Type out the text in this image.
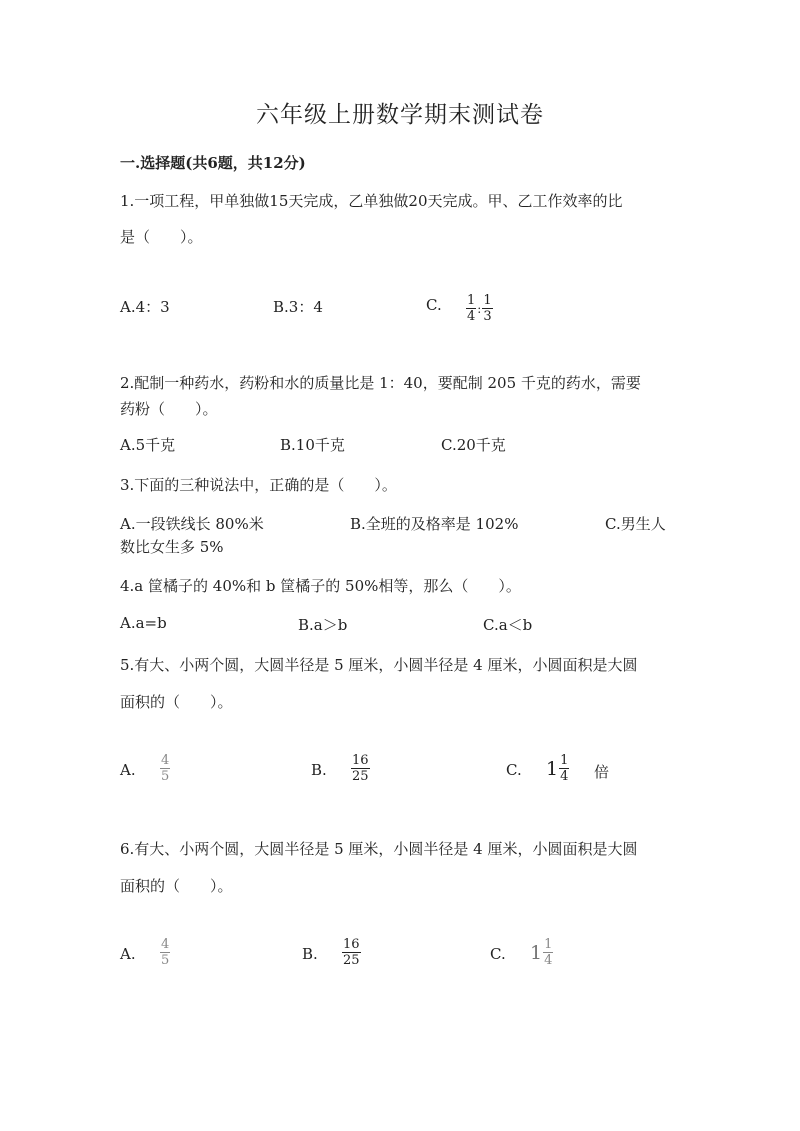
六年级上册数学期末测试卷
一.选择题(共6题，共12分)
1.一项工程，甲单独做15天完成，乙单独做20天完成。甲、乙工作效率的比
是（　　）。
A.4：3	B.3：4	C. $\frac{1}{4}$ : $\frac{1}{3}$
2.配制一种药水，药粉和水的质量比是 1：40，要配制 205 千克的药水，需要
药粉（　　）。
A.5千克	B.10千克	C.20千克
3.下面的三种说法中，正确的是（　　）。
A.一段铁线长 80%米	B.全班的及格率是 102%	C.男生人
数比女生多 5%
4.a 筐橘子的 40%和 b 筐橘子的 50%相等，那么（　　）。
A.a=b	B.a＞b	C.a＜b
5.有大、小两个圆，大圆半径是 5 厘米，小圆半径是 4 厘米，小圆面积是大圆
面积的（　　）。
A. $\frac{4}{5}$	B. $\frac{16}{25}$	C. $1 \frac{1}{4}$ 倍
6.有大、小两个圆，大圆半径是 5 厘米，小圆半径是 4 厘米，小圆面积是大圆
面积的（　　）。
A. $\frac{4}{5}$	B. $\frac{16}{25}$	C. $1 \frac{1}{4}$
